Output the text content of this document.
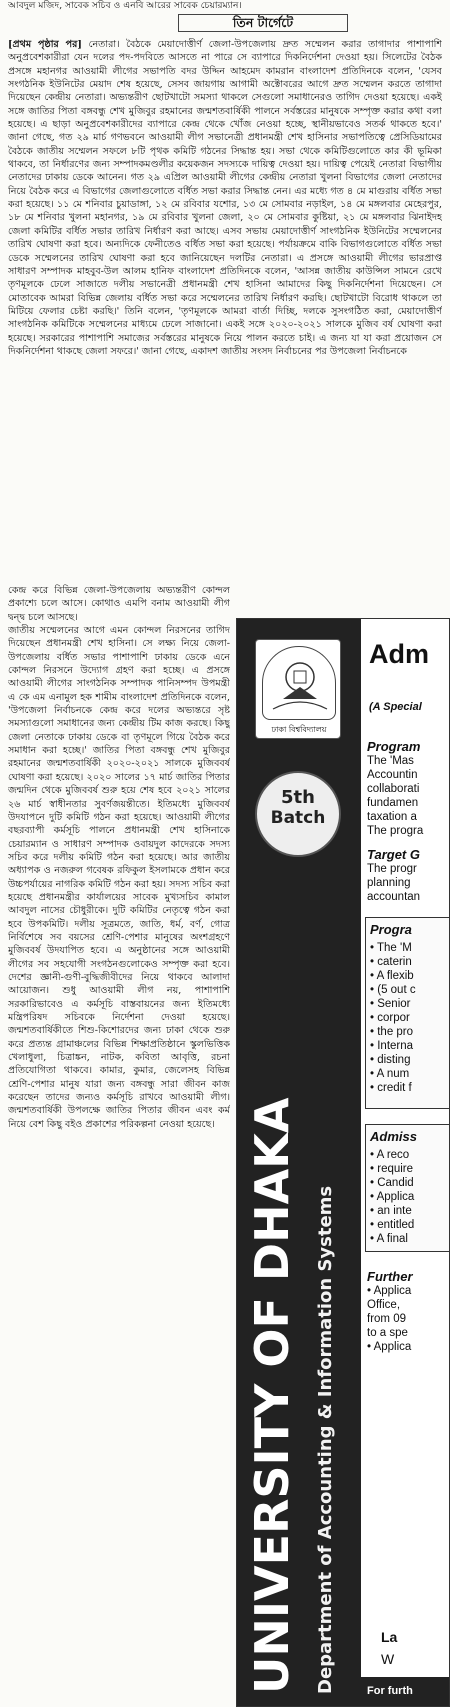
আবদুল মজিদ, সাবেক সচিব ও এনবি আরের সাবেক চেয়ারম্যান।
তিন টার্গেটে
[প্রথম পৃষ্ঠার পর] নেতারা। বৈঠকে মেয়াদোত্তীর্ণ জেলা-উপজেলায় দ্রুত সম্মেলন করার তাগাদার পাশাপাশি অনুপ্রবেশকারীরা যেন দলের পদ-পদবিতে আসতে না পারে সে ব্যাপারে দিকনির্দেশনা দেওয়া হয়। সিলেটের বৈঠক প্রসঙ্গে মহানগর আওয়ামী লীগের সভাপতি বদর উদ্দিন আহমেদ কামরান বাংলাদেশ প্রতিদিনকে বলেন, 'যেসব সংগঠনিক ইউনিটের মেয়াদ শেষ হয়েছে, সেসব জায়গায় আগামী অক্টোবরের আগে দ্রুত সম্মেলন করতে তাগাদা দিয়েছেন কেন্দ্রীয় নেতারা। অভ্যন্তরীণ ছোটখাটো সমস্যা থাকলে সেগুলো সমাধানেরও তাগিদ দেওয়া হয়েছে। একই সঙ্গে জাতির পিতা বঙ্গবন্ধু শেখ মুজিবুর রহমানের জন্মশতবার্ষিকী পালনে সর্বস্তরের মানুষকে সম্পৃক্ত করার কথা বলা হয়েছে। এ ছাড়া অনুপ্রবেশকারীদের ব্যাপারে কেন্দ্র থেকে খোঁজ নেওয়া হচ্ছে, স্থানীয়ভাবেও সতর্ক থাকতে হবে।' জানা গেছে, গত ২৯ মার্চ গণভবনে আওয়ামী লীগ সভানেত্রী প্রধানমন্ত্রী শেখ হাসিনার সভাপতিত্বে প্রেসিডিয়ামের বৈঠকে জাতীয় সম্মেলন সফলে ৮টি পৃথক কমিটি গঠনের সিদ্ধান্ত হয়। সভা থেকে কমিটিগুলোতে কার কী ভূমিকা থাকবে, তা নির্ধারণের জন্য সম্পাদকমণ্ডলীর কয়েকজন সদস্যকে দায়িত্ব দেওয়া হয়। দায়িত্ব পেয়েই নেতারা বিভাগীয় নেতাদের ঢাকায় ডেকে আনেন। গত ২৯ এপ্রিল আওয়ামী লীগের কেন্দ্রীয় নেতারা খুলনা বিভাগের জেলা নেতাদের নিয়ে বৈঠক করে এ বিভাগের জেলাগুলোতে বর্ধিত সভা করার সিদ্ধান্ত নেন। এর মধ্যে গত ৪ মে মাগুরায় বর্ধিত সভা করা হয়েছে। ১১ মে শনিবার চুয়াডাঙ্গা, ১২ মে রবিবার যশোর, ১৩ মে সোমবার নড়াইল, ১৪ মে মঙ্গলবার মেহেরপুর, ১৮ মে শনিবার খুলনা মহানগর, ১৯ মে রবিবার খুলনা জেলা, ২০ মে সোমবার কুষ্টিয়া, ২১ মে মঙ্গলবার ঝিনাইদহ জেলা কমিটির বর্ধিত সভার তারিখ নির্ধারণ করা আছে। এসব সভায় মেয়াদোত্তীর্ণ সাংগঠনিক ইউনিটের সম্মেলনের তারিখ ঘোষণা করা হবে। অন্যদিকে ফেনীতেও বর্ধিত সভা করা হয়েছে। পর্যায়ক্রমে বাকি বিভাগগুলোতে বর্ধিত সভা ডেকে সম্মেলনের তারিখ ঘোষণা করা হবে জানিয়েছেন দলটির নেতারা। এ প্রসঙ্গে আওয়ামী লীগের ভারপ্রাপ্ত সাধারণ সম্পাদক মাহবুব-উল আলম হানিফ বাংলাদেশ প্রতিদিনকে বলেন, 'আসন্ন জাতীয় কাউন্সিল সামনে রেখে তৃণমূলকে ঢেলে সাজাতে দলীয় সভানেত্রী প্রধানমন্ত্রী শেখ হাসিনা আমাদের কিছু দিকনির্দেশনা দিয়েছেন। সে মোতাবেক আমরা বিভিন্ন জেলায় বর্ধিত সভা করে সম্মেলনের তারিখ নির্ধারণ করছি। ছোটখাটো বিরোধ থাকলে তা মিটিয়ে ফেলার চেষ্টা করছি।' তিনি বলেন, 'তৃণমূলকে আমরা বার্তা দিচ্ছি, দলকে সুসংগঠিত করা, মেয়াদোত্তীর্ণ সাংগঠনিক কমিটিকে সম্মেলনের মাধ্যমে ঢেলে সাজানো। একই সঙ্গে ২০২০-২০২১ সালকে মুজিব বর্ষ ঘোষণা করা হয়েছে। সরকারের পাশাপাশি সমাজের সর্বস্তরের মানুষকে নিয়ে পালন করতে চাই। এ জন্য যা যা করা প্রয়োজন সে দিকনির্দেশনা থাকছে জেলা সফরে।' জানা গেছে, একাদশ জাতীয় সংসদ নির্বাচনের পর উপজেলা নির্বাচনকে

কেন্দ্র করে বিভিন্ন জেলা-উপজেলায় অভ্যন্তরীণ কোন্দল প্রকাশ্যে চলে আসে। কোথাও এমপি বনাম আওয়ামী লীগ দ্বন্দ্ব চলে আসছে।

জাতীয় সম্মেলনের আগে এমন কোন্দল নিরসনের তাগিদ দিয়েছেন প্রধানমন্ত্রী শেখ হাসিনা। সে লক্ষ্য নিয়ে জেলা-উপজেলায় বর্ধিত সভার পাশাপাশি ঢাকায় ডেকে এনে কোন্দল নিরসনে উদ্যোগ গ্রহণ করা হচ্ছে। এ প্রসঙ্গে আওয়ামী লীগের সাংগঠনিক সম্পাদক পানিসম্পদ উপমন্ত্রী এ কে এম এনামুল হক শামীম বাংলাদেশ প্রতিদিনকে বলেন, 'উপজেলা নির্বাচনকে কেন্দ্র করে দলের অভ্যন্তরে সৃষ্ট সমস্যাগুলো সমাধানের জন্য কেন্দ্রীয় টিম কাজ করছে। কিছু জেলা নেতাকে ঢাকায় ডেকে বা তৃণমূলে গিয়ে বৈঠক করে সমাধান করা হচ্ছে।' জাতির পিতা বঙ্গবন্ধু শেখ মুজিবুর রহমানের জন্মশতবার্ষিকী ২০২০-২০২১ সালকে মুজিববর্ষ ঘোষণা করা হয়েছে। ২০২০ সালের ১৭ মার্চ জাতির পিতার জন্মদিন থেকে মুজিববর্ষ শুরু হয়ে শেষ হবে ২০২১ সালের ২৬ মার্চ স্বাধীনতার সুবর্ণজয়ন্তীতে। ইতিমধ্যে মুজিববর্ষ উদযাপনে দুটি কমিটি গঠন করা হয়েছে। আওয়ামী লীগের বছরব্যাপী কর্মসূচি পালনে প্রধানমন্ত্রী শেখ হাসিনাকে চেয়ারম্যান ও সাধারণ সম্পাদক ওবায়দুল কাদেরকে সদস্য সচিব করে দলীয় কমিটি গঠন করা হয়েছে। আর জাতীয় অধ্যাপক ও নজরুল গবেষক রফিকুল ইসলামকে প্রধান করে উচ্চপর্যায়ের নাগরিক কমিটি গঠন করা হয়। সদস্য সচিব করা হয়েছে প্রধানমন্ত্রীর কার্যালয়ের সাবেক মুখ্যসচিব কামাল আবদুল নাসের চৌধুরীকে। দুটি কমিটির নেতৃত্বে গঠন করা হবে উপকমিটি। দলীয় সূত্রমতে, জাতি, ধর্ম, বর্ণ, গোত্র নির্বিশেষে সব বয়সের শ্রেণি-পেশার মানুষের অংশগ্রহণে মুজিববর্ষ উদযাপিত হবে। এ অনুষ্ঠানের সঙ্গে আওয়ামী লীগের সব সহযোগী সংগঠনগুলোকেও সম্পৃক্ত করা হবে। দেশের জ্ঞানী-গুণী-বুদ্ধিজীবীদের নিয়ে থাকবে আলাদা আয়োজন। শুধু আওয়ামী লীগ নয়, পাশাপাশি সরকারিভাবেও এ কর্মসূচি বাস্তবায়নের জন্য ইতিমধ্যে মন্ত্রিপরিষদ সচিবকে নির্দেশনা দেওয়া হয়েছে। জন্মশতবার্ষিকীতে শিশু-কিশোরদের জন্য ঢাকা থেকে শুরু করে প্রত্যন্ত গ্রামাঞ্চলের বিভিন্ন শিক্ষাপ্রতিষ্ঠানে স্কুলভিত্তিক খেলাধুলা, চিত্রাঙ্কন, নাটক, কবিতা আবৃত্তি, রচনা প্রতিযোগিতা থাকবে। কামার, কুমার, জেলেসহ বিভিন্ন শ্রেণি-পেশার মানুষ যারা জন্য বঙ্গবন্ধু সারা জীবন কাজ করেছেন তাদের জন্যও কর্মসূচি রাখবে আওয়ামী লীগ। জন্মশতবার্ষিকী উপলক্ষে জাতির পিতার জীবন এবং কর্ম নিয়ে বেশ কিছু বইও প্রকাশের পরিকল্পনা নেওয়া হয়েছে।

ঢাকা বিশ্ববিদ্যালয়
5th
Batch
UNIVERSITY OF DHAKA Department of Accounting & Information Systems
Adm
(A Special
Program
The 'Mas
Accountin
collaborati
fundamen
taxation a
The progra
Target G
The progr
planning
accountan
Progra
• The 'M
• caterin
• A flexib
• (5 out c
• Senior
• corpor
• the pro
• Interna
• disting
• A num
• credit f
Admiss
• A reco
• require
• Candid
• Applica
• an inte
• entitled
• A final
Further
• Applica
Office,
from 09
to a spe
• Applica
La
W
For furth
